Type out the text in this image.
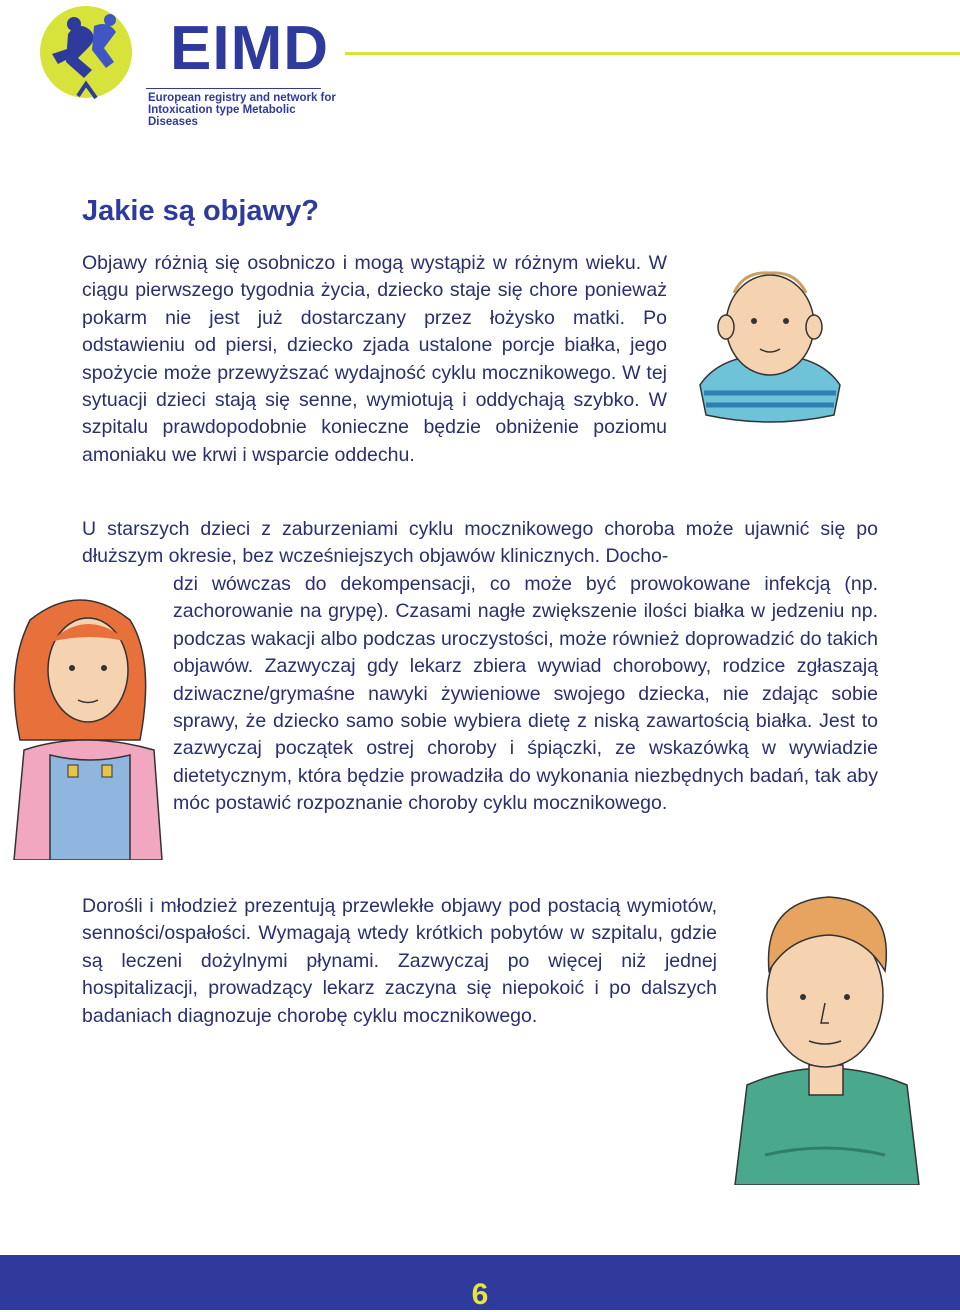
EIMD
European registry and network for
Intoxication type Metabolic Diseases
Jakie są objawy?

Objawy różnią się osobniczo i mogą wystąpiż w różnym wieku. W ciągu pierwszego tygodnia życia, dziecko staje się chore ponieważ pokarm nie jest już dostarczany przez łożysko matki. Po odstawieniu od piersi, dziecko zjada ustalone porcje białka, jego spożycie może przewyższać wydajność cyklu mocznikowego. W tej sytuacji dzieci stają się senne, wymiotują i oddychają szybko. W szpitalu prawdopodobnie konieczne będzie obniżenie poziomu amoniaku we krwi i wsparcie oddechu.

U starszych dzieci z zaburzeniami cyklu mocznikowego choroba może ujawnić się po dłuższym okresie, bez wcześniejszych objawów klinicznych. Docho-

dzi wówczas do dekompensacji, co może być prowokowane infekcją (np. zachorowanie na grypę). Czasami nagłe zwiększenie ilości białka w jedzeniu np. podczas wakacji albo podczas uroczystości, może również doprowadzić do takich objawów. Zazwyczaj gdy lekarz zbiera wywiad chorobowy, rodzice zgłaszają dziwaczne/grymaśne nawyki żywieniowe swojego dziecka, nie zdając sobie sprawy, że dziecko samo sobie wybiera dietę z niską zawartością białka. Jest to zazwyczaj początek ostrej choroby i śpiączki, ze wskazówką w wywiadzie dietetycznym, która będzie prowadziła do wykonania niezbędnych badań, tak aby móc postawić rozpoznanie choroby cyklu mocznikowego.

Dorośli i młodzież prezentują przewlekłe objawy pod postacią wymiotów, senności/ospałości. Wymagają wtedy krótkich pobytów w szpitalu, gdzie są leczeni dożylnymi płynami. Zazwyczaj po więcej niż jednej hospitalizacji, prowadzący lekarz zaczyna się niepokoić i po dalszych badaniach diagnozuje chorobę cyklu mocznikowego.

6
